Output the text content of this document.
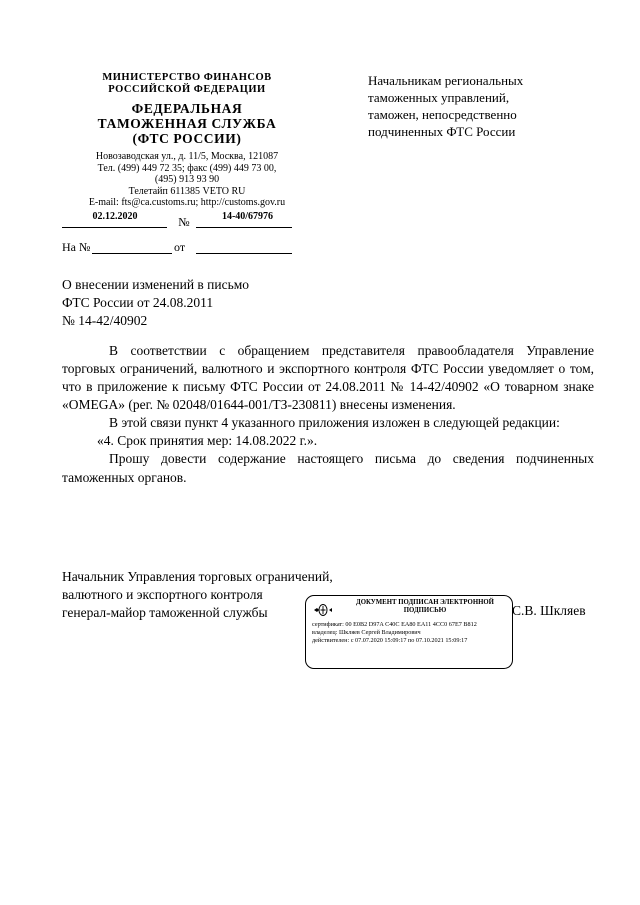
МИНИСТЕРСТВО ФИНАНСОВ
РОССИЙСКОЙ ФЕДЕРАЦИИ
ФЕДЕРАЛЬНАЯ
ТАМОЖЕННАЯ СЛУЖБА
(ФТС РОССИИ)
Новозаводская ул., д. 11/5, Москва, 121087
Тел. (499) 449 72 35; факс (499) 449 73 00,
(495) 913 93 90
Телетайп 611385 VETO RU
E-mail: fts@ca.customs.ru; http://customs.gov.ru
02.12.2020	№	14-40/67976
На №	от
Начальникам региональных
таможенных управлений,
таможен, непосредственно
подчиненных ФТС России
О внесении изменений в письмо
ФТС России от 24.08.2011
№ 14-42/40902

В соответствии с обращением представителя правообладателя Управление торговых ограничений, валютного и экспортного контроля ФТС России уведомляет о том, что в приложение к письму ФТС России от 24.08.2011 № 14-42/40902 «О товарном знаке «OMEGA» (рег. № 02048/01644-001/ТЗ-230811) внесены изменения.

В этой связи пункт 4 указанного приложения изложен в следующей редакции:

«4. Срок принятия мер: 14.08.2022 г.».

Прошу довести содержание настоящего письма до сведения подчиненных таможенных органов.

Начальник Управления торговых ограничений,
валютного и экспортного контроля
генерал-майор таможенной службы
ДОКУМЕНТ ПОДПИСАН ЭЛЕКТРОННОЙ
ПОДПИСЬЮ
сертификат: 00 E0B2 D97A C40C EA80 EA11 4CC0 67E7 B812
владелец: Шкляев Сергей Владимирович
действителен: с 07.07.2020 15:09:17 по 07.10.2021 15:09:17
С.В. Шкляев
